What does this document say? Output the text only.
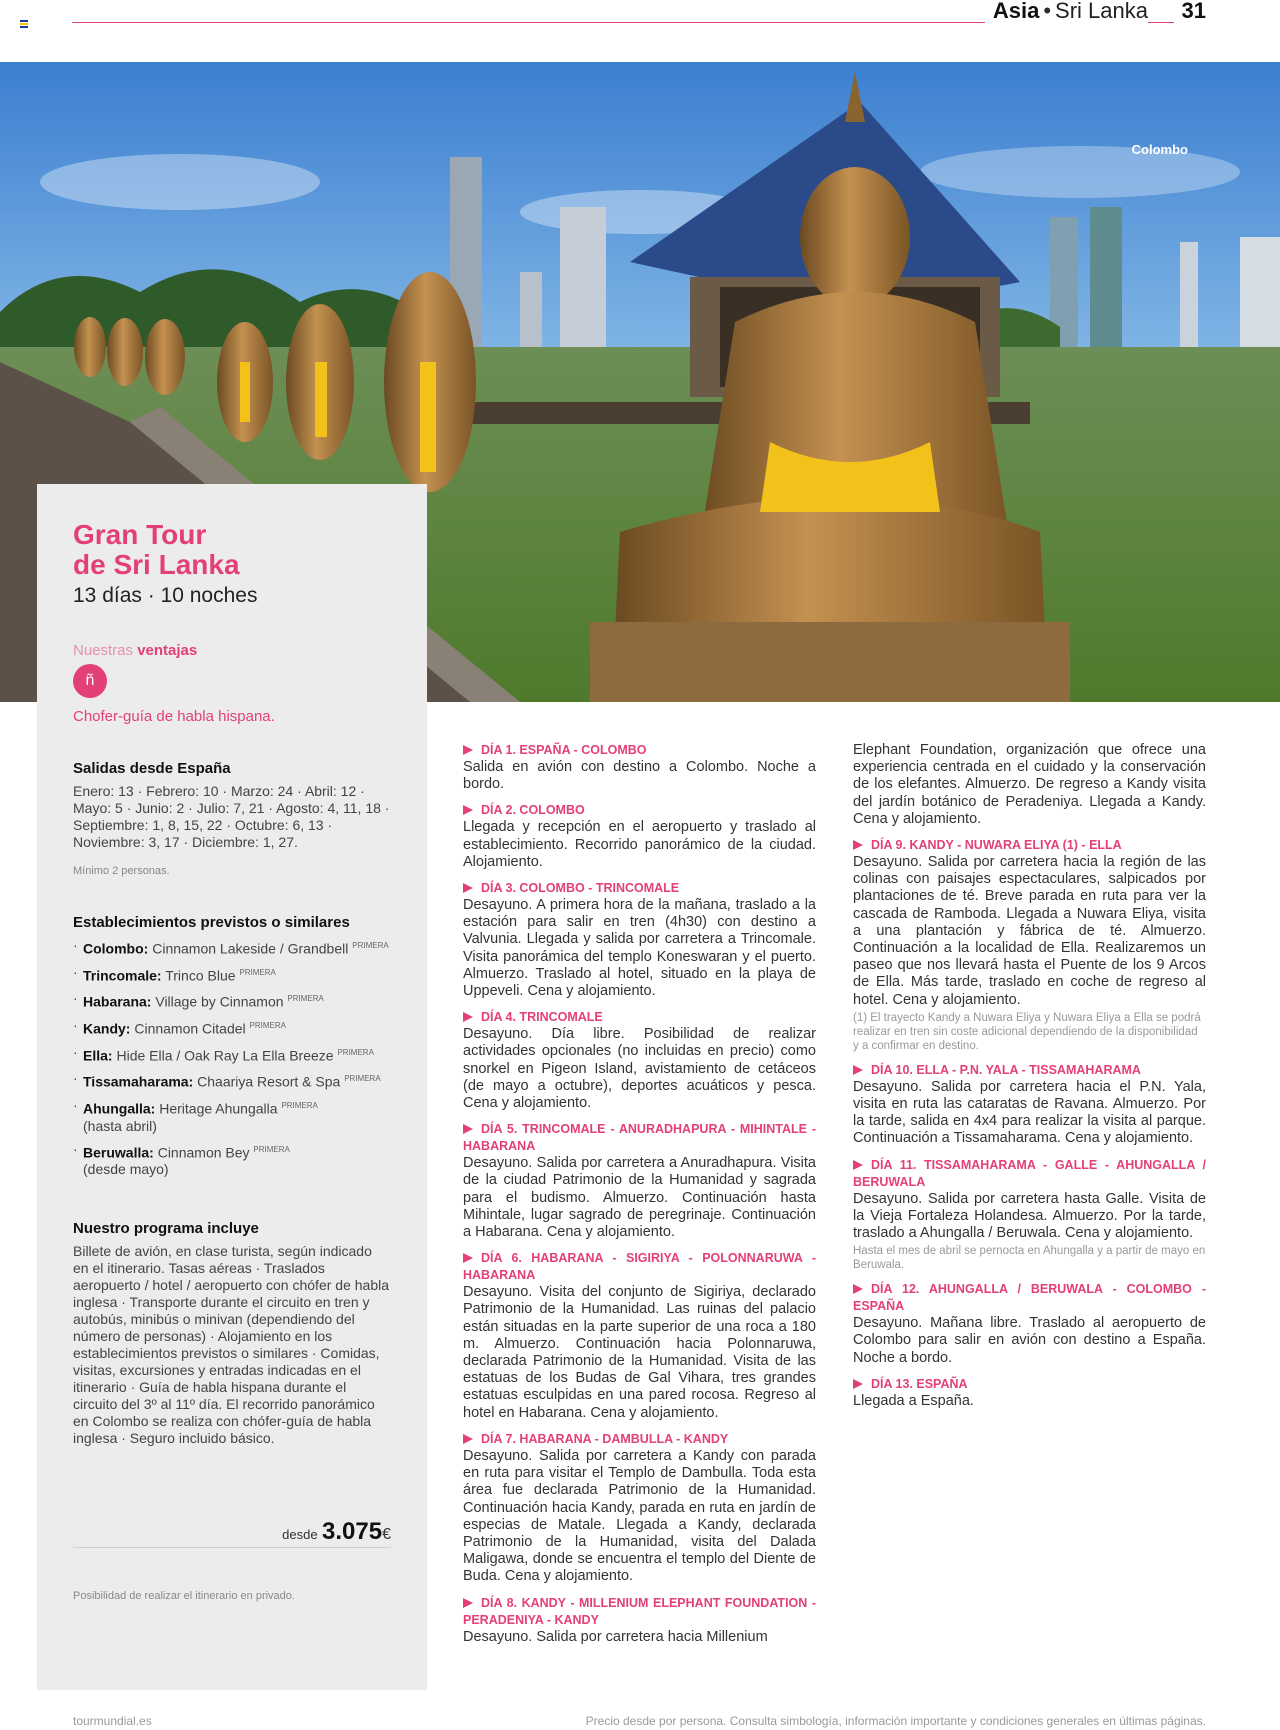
Asia • Sri Lanka	31
Colombo
Gran Tour
de Sri Lanka
13 días · 10 noches
Nuestras ventajas
ñ
Chofer-guía de habla hispana.
Salidas desde España
Enero: 13 · Febrero: 10 · Marzo: 24 · Abril: 12 · Mayo: 5 · Junio: 2 · Julio: 7, 21 · Agosto: 4, 11, 18 · Septiembre: 1, 8, 15, 22 · Octubre: 6, 13 · Noviembre: 3, 17 · Diciembre: 1, 27.
Mínimo 2 personas.
Establecimientos previstos o similares
· Colombo: Cinnamon Lakeside / Grandbell $^{PRIMERA}$
· Trincomale: Trinco Blue $^{PRIMERA}$
· Habarana: Village by Cinnamon $^{PRIMERA}$
· Kandy: Cinnamon Citadel $^{PRIMERA}$
· Ella: Hide Ella / Oak Ray La Ella Breeze $^{PRIMERA}$
· Tissamaharama: Chaariya Resort & Spa $^{PRIMERA}$
· Ahungalla: Heritage Ahungalla $^{PRIMERA}$
(hasta abril)
· Beruwalla: Cinnamon Bey $^{PRIMERA}$
(desde mayo)
Nuestro programa incluye
Billete de avión, en clase turista, según indicado en el itinerario. Tasas aéreas · Traslados aeropuerto / hotel / aeropuerto con chófer de habla inglesa · Transporte durante el circuito en tren y autobús, minibús o minivan (dependiendo del número de personas) · Alojamiento en los establecimientos previstos o similares · Comidas, visitas, excursiones y entradas indicadas en el itinerario · Guía de habla hispana durante el circuito del 3º al 11º día. El recorrido panorámico en Colombo se realiza con chófer-guía de habla inglesa · Seguro incluido básico.
desde 3.075€
Posibilidad de realizar el itinerario en privado.
DÍA 1. ESPAÑA - COLOMBO
Salida en avión con destino a Colombo. Noche a bordo.
DÍA 2. COLOMBO
Llegada y recepción en el aeropuerto y traslado al establecimiento. Recorrido panorámico de la ciudad. Alojamiento.
DÍA 3. COLOMBO - TRINCOMALE
Desayuno. A primera hora de la mañana, traslado a la estación para salir en tren (4h30) con destino a Valvunia. Llegada y salida por carretera a Trincomale. Visita panorámica del templo Koneswaran y el puerto. Almuerzo. Traslado al hotel, situado en la playa de Uppeveli. Cena y alojamiento.
DÍA 4. TRINCOMALE
Desayuno. Día libre. Posibilidad de realizar actividades opcionales (no incluidas en precio) como snorkel en Pigeon Island, avistamiento de cetáceos (de mayo a octubre), deportes acuáticos y pesca. Cena y alojamiento.
DÍA 5. TRINCOMALE - ANURADHAPURA - MIHINTALE - HABARANA
Desayuno. Salida por carretera a Anuradhapura. Visita de la ciudad Patrimonio de la Humanidad y sagrada para el budismo. Almuerzo. Continuación hasta Mihintale, lugar sagrado de peregrinaje. Continuación a Habarana. Cena y alojamiento.
DÍA 6. HABARANA - SIGIRIYA - POLONNARUWA - HABARANA
Desayuno. Visita del conjunto de Sigiriya, declarado Patrimonio de la Humanidad. Las ruinas del palacio están situadas en la parte superior de una roca a 180 m. Almuerzo. Continuación hacia Polonnaruwa, declarada Patrimonio de la Humanidad. Visita de las estatuas de los Budas de Gal Vihara, tres grandes estatuas esculpidas en una pared rocosa. Regreso al hotel en Habarana. Cena y alojamiento.
DÍA 7. HABARANA - DAMBULLA - KANDY
Desayuno. Salida por carretera a Kandy con parada en ruta para visitar el Templo de Dambulla. Toda esta área fue declarada Patrimonio de la Humanidad. Continuación hacia Kandy, parada en ruta en jardín de especias de Matale. Llegada a Kandy, declarada Patrimonio de la Humanidad, visita del Dalada Maligawa, donde se encuentra el templo del Diente de Buda. Cena y alojamiento.
DÍA 8. KANDY - MILLENIUM ELEPHANT FOUNDATION - PERADENIYA - KANDY
Desayuno. Salida por carretera hacia Millenium
Elephant Foundation, organización que ofrece una experiencia centrada en el cuidado y la conservación de los elefantes. Almuerzo. De regreso a Kandy visita del jardín botánico de Peradeniya. Llegada a Kandy. Cena y alojamiento.
DÍA 9. KANDY - NUWARA ELIYA (1) - ELLA
Desayuno. Salida por carretera hacia la región de las colinas con paisajes espectaculares, salpicados por plantaciones de té. Breve parada en ruta para ver la cascada de Ramboda. Llegada a Nuwara Eliya, visita a una plantación y fábrica de té. Almuerzo. Continuación a la localidad de Ella. Realizaremos un paseo que nos llevará hasta el Puente de los 9 Arcos de Ella. Más tarde, traslado en coche de regreso al hotel. Cena y alojamiento.
(1) El trayecto Kandy a Nuwara Eliya y Nuwara Eliya a Ella se podrá realizar en tren sin coste adicional dependiendo de la disponibilidad y a confirmar en destino.
DÍA 10. ELLA - P.N. YALA - TISSAMAHARAMA
Desayuno. Salida por carretera hacia el P.N. Yala, visita en ruta las cataratas de Ravana. Almuerzo. Por la tarde, salida en 4x4 para realizar la visita al parque. Continuación a Tissamaharama. Cena y alojamiento.
DÍA 11. TISSAMAHARAMA - GALLE - AHUNGALLA / BERUWALA
Desayuno. Salida por carretera hasta Galle. Visita de la Vieja Fortaleza Holandesa. Almuerzo. Por la tarde, traslado a Ahungalla / Beruwala. Cena y alojamiento.
Hasta el mes de abril se pernocta en Ahungalla y a partir de mayo en Beruwala.
DÍA 12. AHUNGALLA / BERUWALA - COLOMBO - ESPAÑA
Desayuno. Mañana libre. Traslado al aeropuerto de Colombo para salir en avión con destino a España. Noche a bordo.
DÍA 13. ESPAÑA
Llegada a España.
tourmundial.es	Precio desde por persona. Consulta simbología, información importante y condiciones generales en últimas páginas.
